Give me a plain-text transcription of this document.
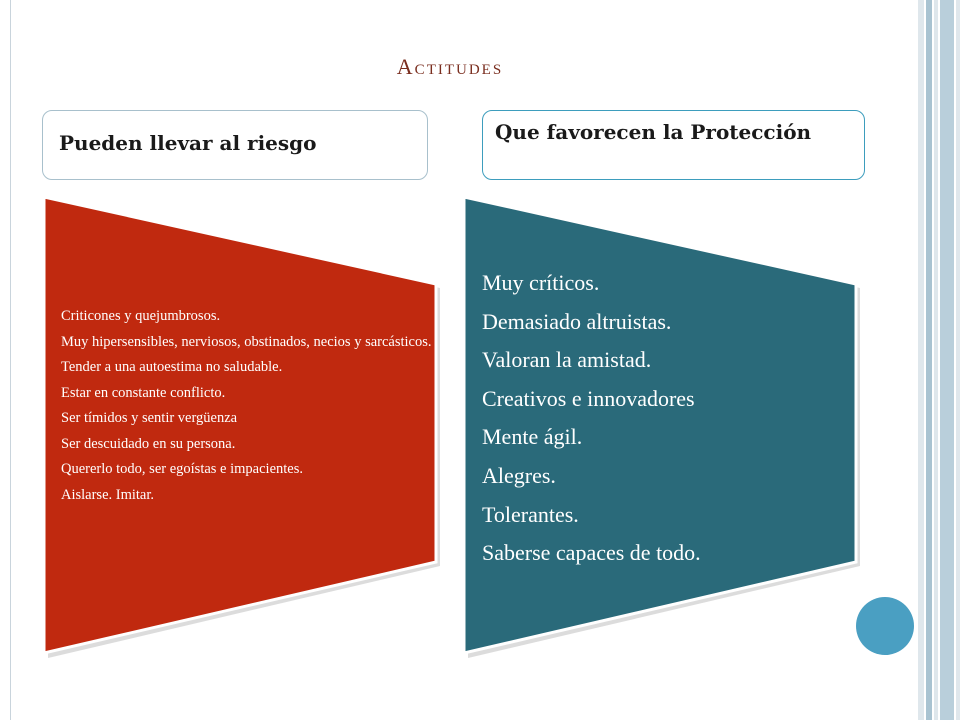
Actitudes
Pueden llevar al riesgo	Que favorecen la Protección
Criticones y quejumbrosos.
Muy hipersensibles, nerviosos, obstinados, necios y sarcásticos.
Tender a una autoestima no saludable.
Estar en constante conflicto.
Ser tímidos y sentir vergüenza
Ser descuidado en su persona.
Quererlo todo, ser egoístas e impacientes.
Aislarse. Imitar.
Muy críticos.
Demasiado altruistas.
Valoran la amistad.
Creativos e innovadores
Mente ágil.
Alegres.
Tolerantes.
Saberse capaces de todo.
